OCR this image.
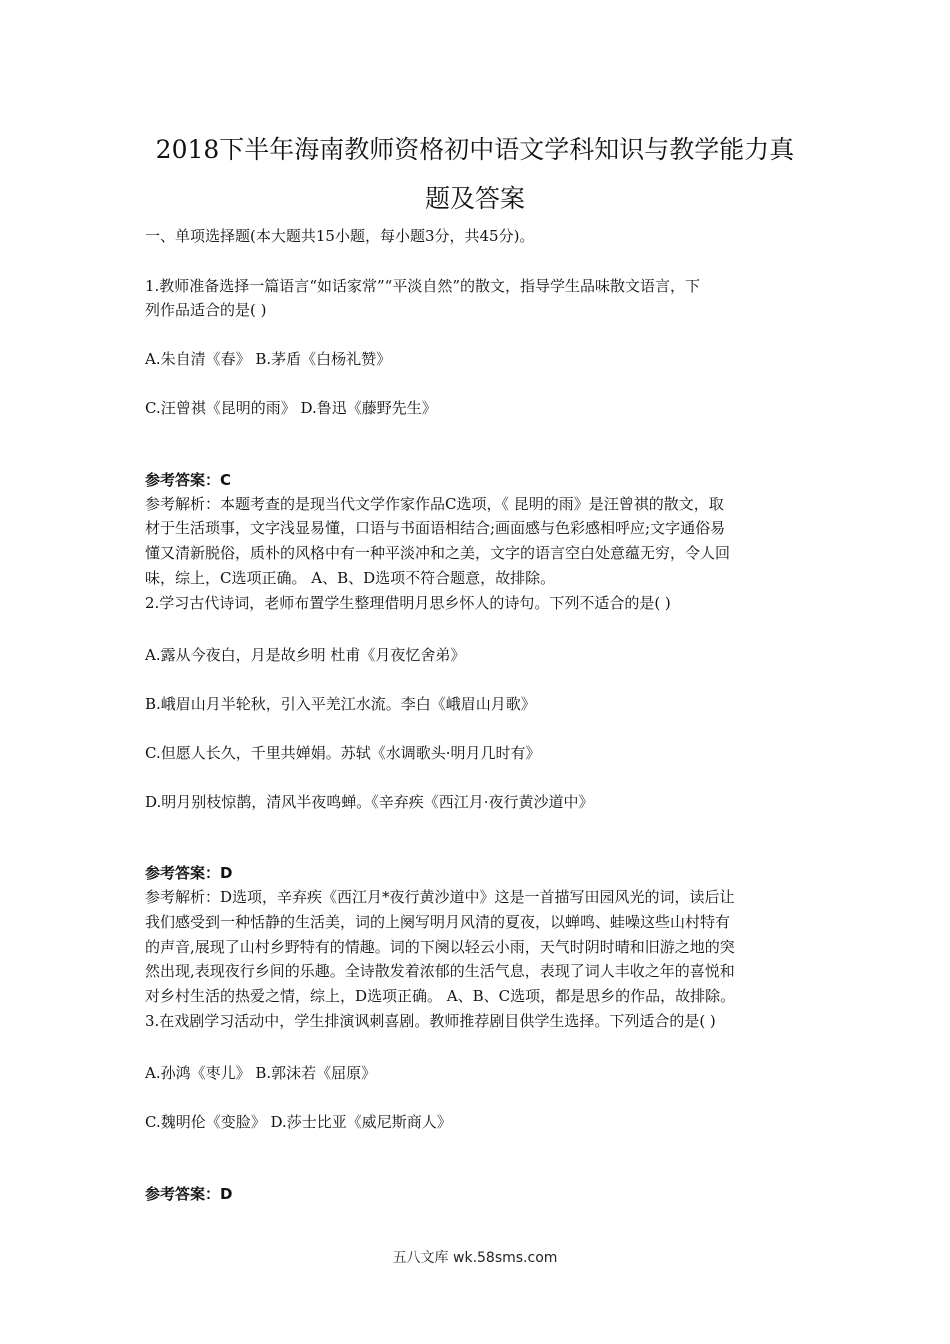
2018下半年海南教师资格初中语文学科知识与教学能力真
题及答案

一、单项选择题(本大题共15小题，每小题3分，共45分)。

1.教师准备选择一篇语言“如话家常”“平淡自然”的散文，指导学生品味散文语言，下

列作品适合的是( )

A.朱自清《春》 B.茅盾《白杨礼赞》

C.汪曾祺《昆明的雨》 D.鲁迅《藤野先生》

参考答案：C

参考解析：本题考查的是现当代文学作家作品C选项，《 昆明的雨》是汪曾祺的散文，取

材于生活琐事，文字浅显易懂，口语与书面语相结合;画面感与色彩感相呼应;文字通俗易

懂又清新脱俗，质朴的风格中有一种平淡冲和之美，文字的语言空白处意蕴无穷，令人回

味，综上，C选项正确。 A、B、D选项不符合题意，故排除。

2.学习古代诗词，老师布置学生整理借明月思乡怀人的诗句。下列不适合的是( )

A.露从今夜白，月是故乡明 杜甫《月夜忆舍弟》

B.峨眉山月半轮秋，引入平羌江水流。李白《峨眉山月歌》

C.但愿人长久，千里共婵娟。苏轼《水调歌头·明月几时有》

D.明月别枝惊鹊，清风半夜鸣蝉。《辛弃疾《西江月·夜行黄沙道中》

参考答案：D

参考解析：D选项，辛弃疾《西江月*夜行黄沙道中》这是一首描写田园风光的词，读后让

我们感受到一种恬静的生活美，词的上阕写明月风清的夏夜，以蝉鸣、蛙噪这些山村特有

的声音,展现了山村乡野特有的情趣。词的下阕以轻云小雨，天气时阴时晴和旧游之地的突

然出现,表现夜行乡间的乐趣。全诗散发着浓郁的生活气息，表现了词人丰收之年的喜悦和

对乡村生活的热爱之情，综上，D选项正确。 A、B、C选项，都是思乡的作品，故排除。

3.在戏剧学习活动中，学生排演讽刺喜剧。教师推荐剧目供学生选择。下列适合的是( )

A.孙鸿《枣儿》 B.郭沫若《屈原》

C.魏明伦《变脸》 D.莎士比亚《威尼斯商人》

参考答案：D

五八文库 wk.58sms.com
